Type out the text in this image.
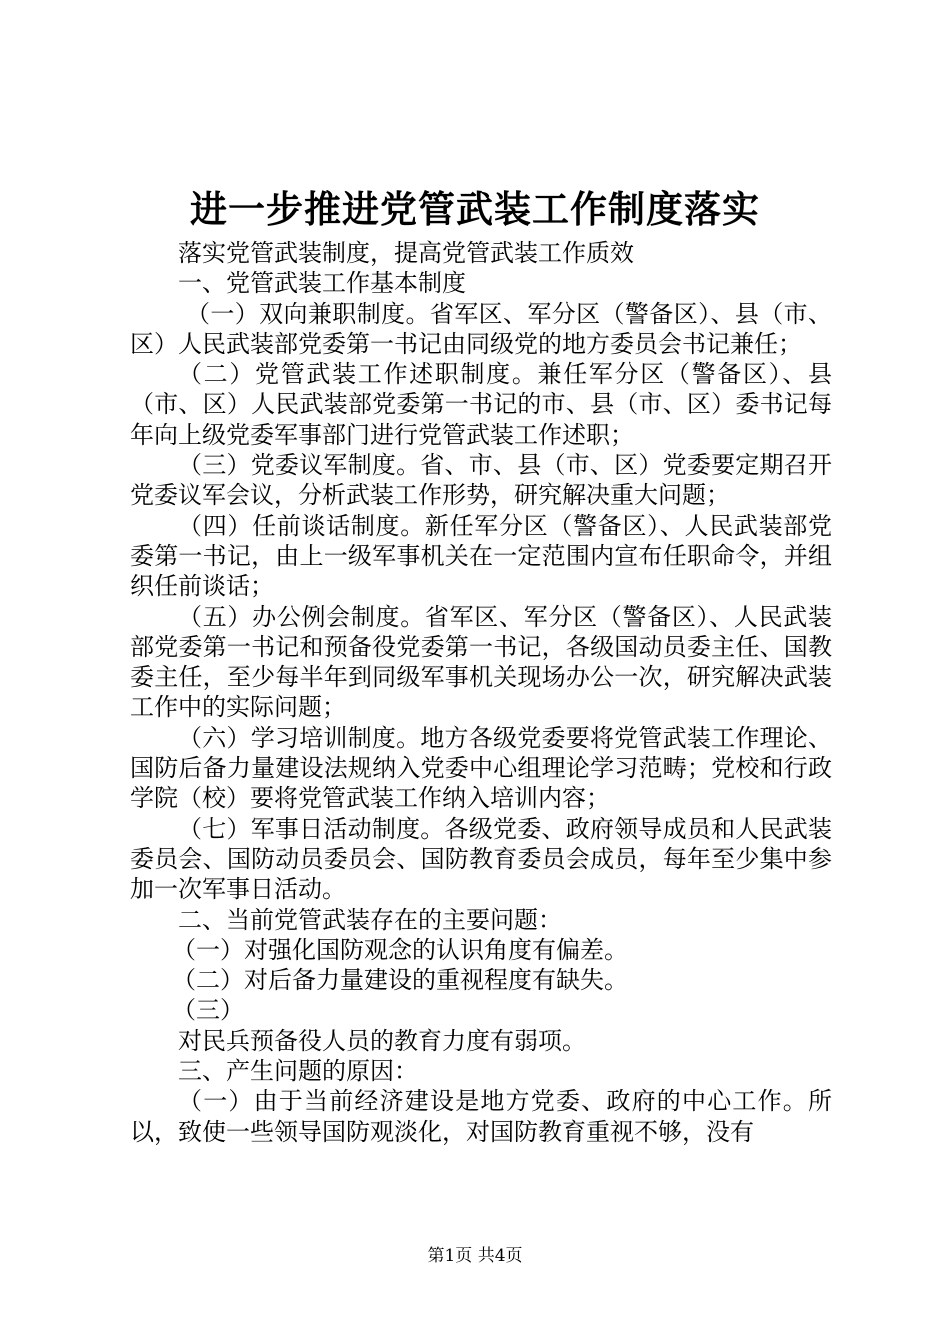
进一步推进党管武装工作制度落实

落实党管武装制度，提高党管武装工作质效

一、党管武装工作基本制度

（一）双向兼职制度。省军区、军分区（警备区）、县（市、区）人民武装部党委第一书记由同级党的地方委员会书记兼任；

（二）党管武装工作述职制度。兼任军分区（警备区）、县（市、区）人民武装部党委第一书记的市、县（市、区）委书记每年向上级党委军事部门进行党管武装工作述职；

（三）党委议军制度。省、市、县（市、区）党委要定期召开党委议军会议，分析武装工作形势，研究解决重大问题；

（四）任前谈话制度。新任军分区（警备区）、人民武装部党委第一书记，由上一级军事机关在一定范围内宣布任职命令，并组织任前谈话；

（五）办公例会制度。省军区、军分区（警备区）、人民武装部党委第一书记和预备役党委第一书记，各级国动员委主任、国教委主任，至少每半年到同级军事机关现场办公一次，研究解决武装工作中的实际问题；

（六）学习培训制度。地方各级党委要将党管武装工作理论、国防后备力量建设法规纳入党委中心组理论学习范畴；党校和行政学院（校）要将党管武装工作纳入培训内容；

（七）军事日活动制度。各级党委、政府领导成员和人民武装委员会、国防动员委员会、国防教育委员会成员，每年至少集中参加一次军事日活动。

二、当前党管武装存在的主要问题：

（一）对强化国防观念的认识角度有偏差。

（二）对后备力量建设的重视程度有缺失。

（三）

对民兵预备役人员的教育力度有弱项。

三、产生问题的原因：

（一）由于当前经济建设是地方党委、政府的中心工作。所以，致使一些领导国防观淡化，对国防教育重视不够，没有

第1页 共4页
